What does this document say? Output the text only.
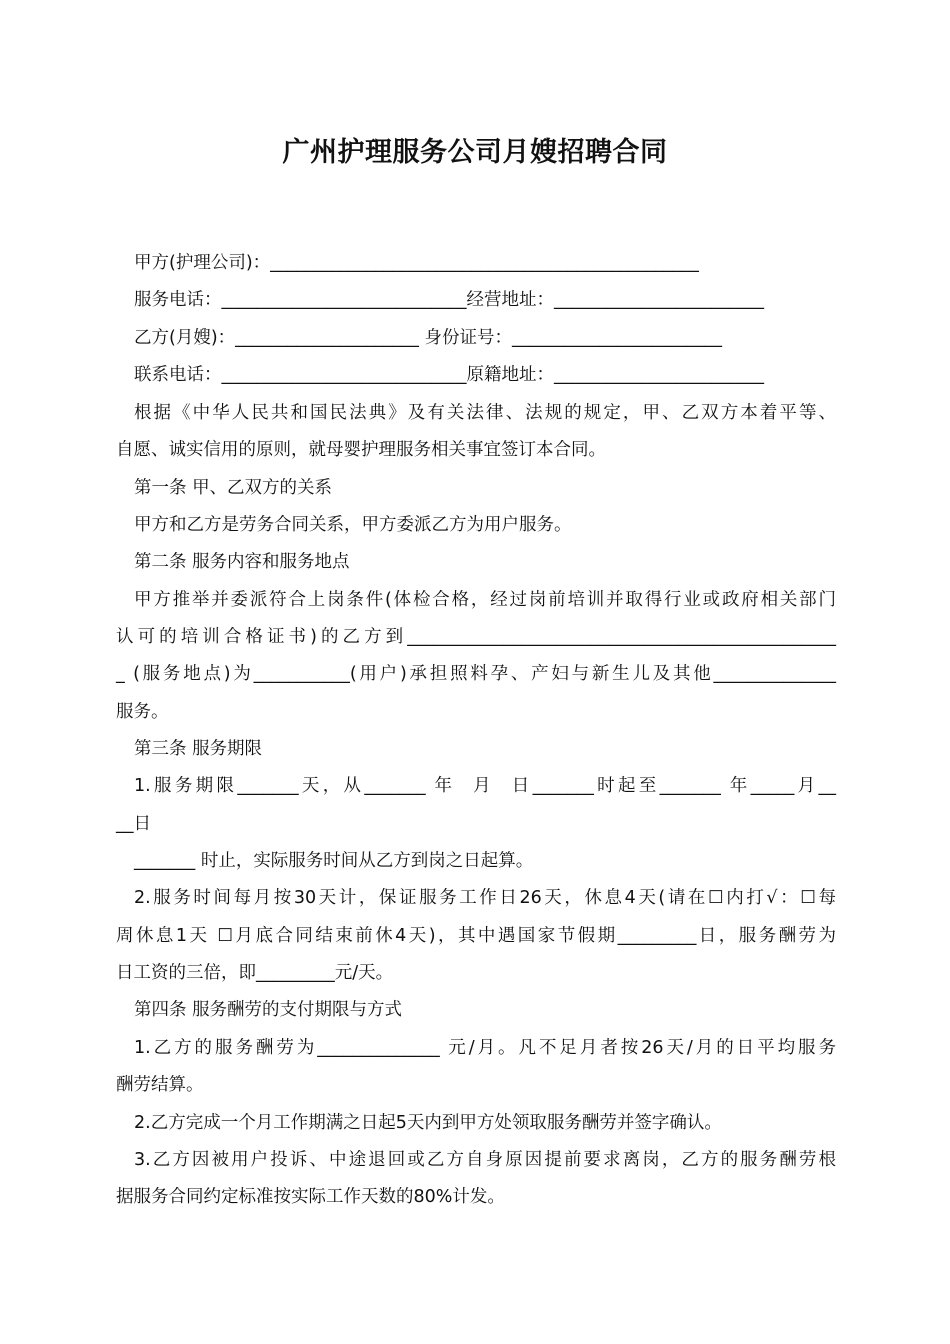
广州护理服务公司月嫂招聘合同
甲方(护理公司)：_________________________________________________
服务电话：____________________________经营地址：________________________
乙方(月嫂)：_____________________ 身份证号：________________________
联系电话：____________________________原籍地址：________________________
根据《中华人民共和国民法典》及有关法律、法规的规定，甲、乙双方本着平等、
自愿、诚实信用的原则，就母婴护理服务相关事宜签订本合同。
第一条 甲、乙双方的关系
甲方和乙方是劳务合同关系，甲方委派乙方为用户服务。
第二条 服务内容和服务地点
甲方推举并委派符合上岗条件(体检合格，经过岗前培训并取得行业或政府相关部门
认可的培训合格证书)的乙方到_________________________________________________
_ (服务地点)为___________(用户)承担照料孕、产妇与新生儿及其他______________
服务。
第三条 服务期限
1.服务期限_______天，从_______ 年  月  日_______时起至_______ 年_____月__
__日
_______ 时止，实际服务时间从乙方到岗之日起算。
2.服务时间每月按30天计，保证服务工作日26天，休息4天(请在☐内打√：☐每
周休息1天 ☐月底合同结束前休4天)，其中遇国家节假期_________日，服务酬劳为
日工资的三倍，即_________元/天。
第四条 服务酬劳的支付期限与方式
1.乙方的服务酬劳为______________ 元/月。凡不足月者按26天/月的日平均服务
酬劳结算。
2.乙方完成一个月工作期满之日起5天内到甲方处领取服务酬劳并签字确认。
3.乙方因被用户投诉、中途退回或乙方自身原因提前要求离岗，乙方的服务酬劳根
据服务合同约定标准按实际工作天数的80%计发。
